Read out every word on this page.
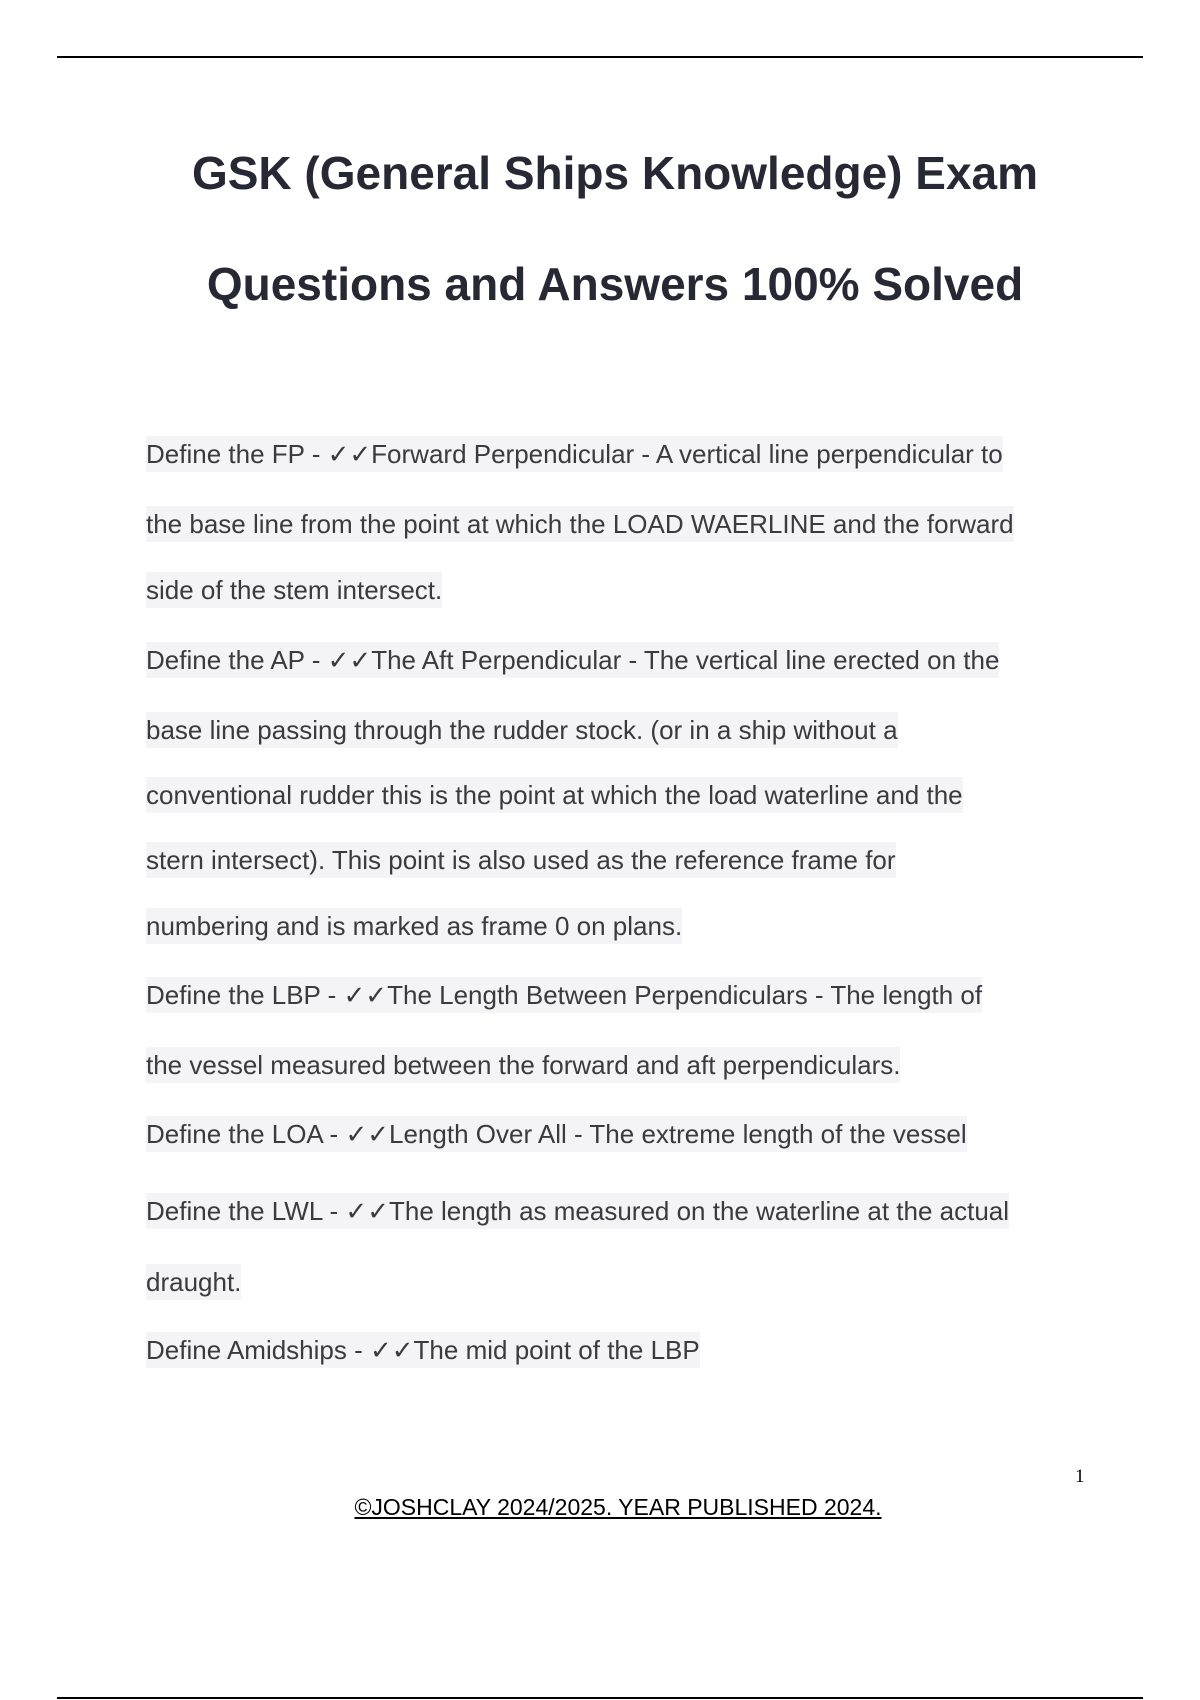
GSK (General Ships Knowledge) Exam
Questions and Answers 100% Solved
Define the FP - ✓✓Forward Perpendicular - A vertical line perpendicular to
the base line from the point at which the LOAD WAERLINE and the forward
side of the stem intersect.
Define the AP - ✓✓The Aft Perpendicular - The vertical line erected on the
base line passing through the rudder stock. (or in a ship without a
conventional rudder this is the point at which the load waterline and the
stern intersect). This point is also used as the reference frame for
numbering and is marked as frame 0 on plans.
Define the LBP - ✓✓The Length Between Perpendiculars - The length of
the vessel measured between the forward and aft perpendiculars.
Define the LOA - ✓✓Length Over All - The extreme length of the vessel
Define the LWL - ✓✓The length as measured on the waterline at the actual
draught.
Define Amidships - ✓✓The mid point of the LBP
1
©JOSHCLAY 2024/2025. YEAR PUBLISHED 2024.
